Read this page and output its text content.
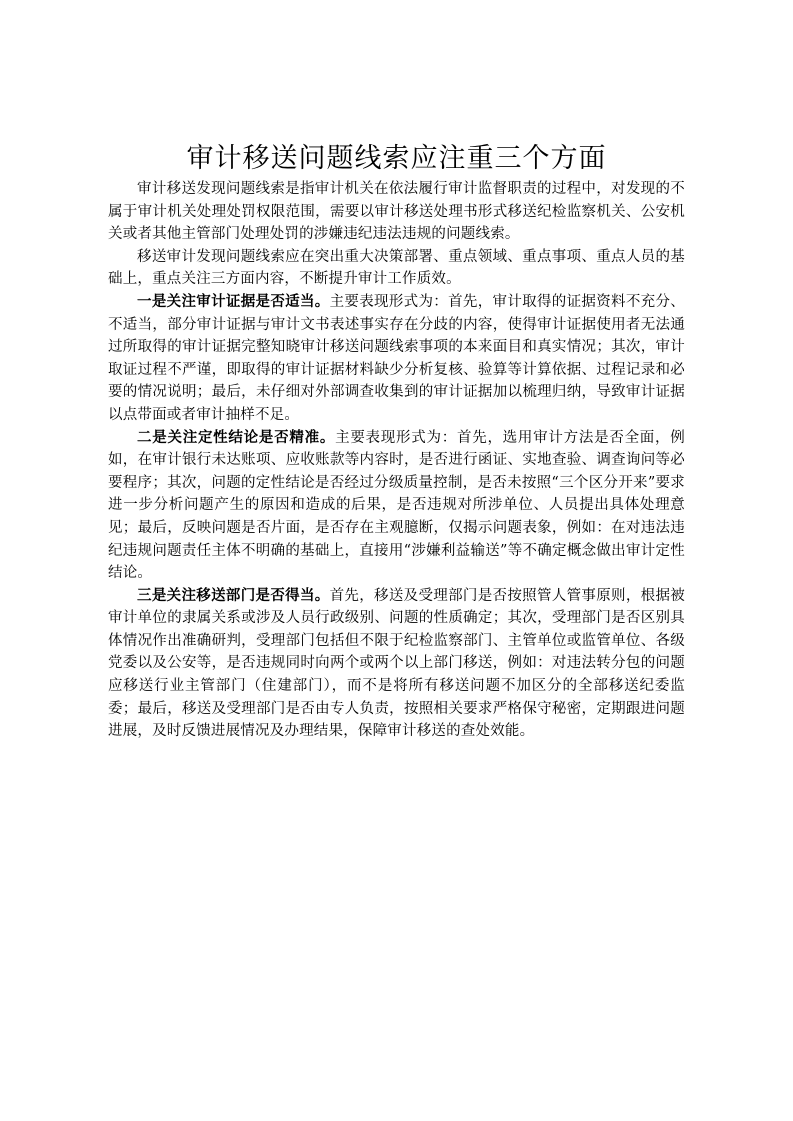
审计移送问题线索应注重三个方面

审计移送发现问题线索是指审计机关在依法履行审计监督职责的过程中，对发现的不属于审计机关处理处罚权限范围，需要以审计移送处理书形式移送纪检监察机关、公安机关或者其他主管部门处理处罚的涉嫌违纪违法违规的问题线索。

移送审计发现问题线索应在突出重大决策部署、重点领域、重点事项、重点人员的基础上，重点关注三方面内容，不断提升审计工作质效。

一是关注审计证据是否适当。主要表现形式为：首先，审计取得的证据资料不充分、不适当，部分审计证据与审计文书表述事实存在分歧的内容，使得审计证据使用者无法通过所取得的审计证据完整知晓审计移送问题线索事项的本来面目和真实情况；其次，审计取证过程不严谨，即取得的审计证据材料缺少分析复核、验算等计算依据、过程记录和必要的情况说明；最后，未仔细对外部调查收集到的审计证据加以梳理归纳，导致审计证据以点带面或者审计抽样不足。

二是关注定性结论是否精准。主要表现形式为：首先，选用审计方法是否全面，例如，在审计银行未达账项、应收账款等内容时，是否进行函证、实地查验、调查询问等必要程序；其次，问题的定性结论是否经过分级质量控制，是否未按照“三个区分开来”要求进一步分析问题产生的原因和造成的后果，是否违规对所涉单位、人员提出具体处理意见；最后，反映问题是否片面，是否存在主观臆断，仅揭示问题表象，例如：在对违法违纪违规问题责任主体不明确的基础上，直接用“涉嫌利益输送”等不确定概念做出审计定性结论。

三是关注移送部门是否得当。首先，移送及受理部门是否按照管人管事原则，根据被审计单位的隶属关系或涉及人员行政级别、问题的性质确定；其次，受理部门是否区别具体情况作出准确研判，受理部门包括但不限于纪检监察部门、主管单位或监管单位、各级党委以及公安等，是否违规同时向两个或两个以上部门移送，例如：对违法转分包的问题应移送行业主管部门（住建部门），而不是将所有移送问题不加区分的全部移送纪委监委；最后，移送及受理部门是否由专人负责，按照相关要求严格保守秘密，定期跟进问题进展，及时反馈进展情况及办理结果，保障审计移送的查处效能。
